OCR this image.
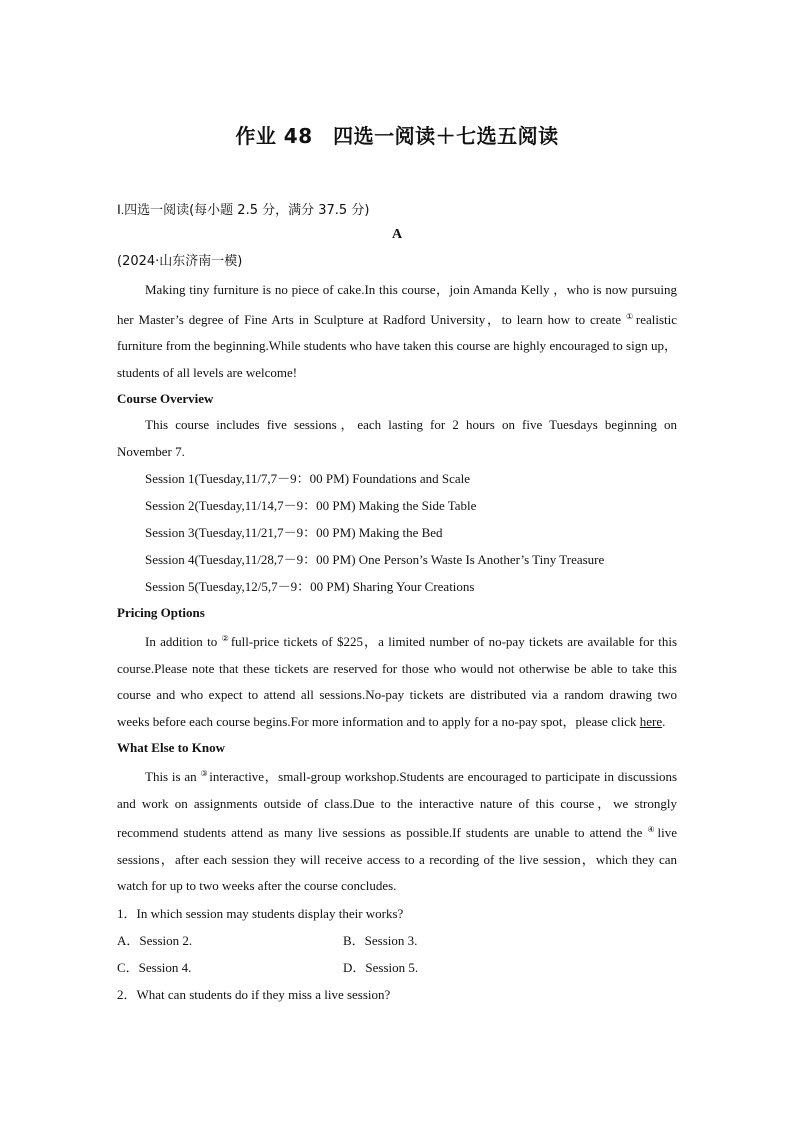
作业 48　四选一阅读＋七选五阅读
Ⅰ.四选一阅读(每小题 2.5 分，满分 37.5 分)
A
(2024·山东济南一模)

Making tiny furniture is no piece of cake.In this course，join Amanda Kelly ，who is now pursuing her Master’s degree of Fine Arts in Sculpture at Radford University，to learn how to create ①realistic furniture from the beginning.While students who have taken this course are highly encouraged to sign up，students of all levels are welcome!

Course Overview

This course includes five sessions，each lasting for 2 hours on five Tuesdays beginning on November 7.

Session 1(Tuesday,11/7,7－9：00 PM) Foundations and Scale

Session 2(Tuesday,11/14,7－9：00 PM) Making the Side Table

Session 3(Tuesday,11/21,7－9：00 PM) Making the Bed

Session 4(Tuesday,11/28,7－9：00 PM) One Person’s Waste Is Another’s Tiny Treasure

Session 5(Tuesday,12/5,7－9：00 PM) Sharing Your Creations

Pricing Options

In addition to ②full-price tickets of $225，a limited number of no-pay tickets are available for this course.Please note that these tickets are reserved for those who would not otherwise be able to take this course and who expect to attend all sessions.No-pay tickets are distributed via a random drawing two weeks before each course begins.For more information and to apply for a no-pay spot，please click here.

What Else to Know

This is an ③interactive，small-group workshop.Students are encouraged to participate in discussions and work on assignments outside of class.Due to the interactive nature of this course，we strongly recommend students attend as many live sessions as possible.If students are unable to attend the ④live sessions，after each session they will receive access to a recording of the live session，which they can watch for up to two weeks after the course concludes.

1．In which session may students display their works?

A．Session 2.	B．Session 3.
C．Session 4.	D．Session 5.

2．What can students do if they miss a live session?
